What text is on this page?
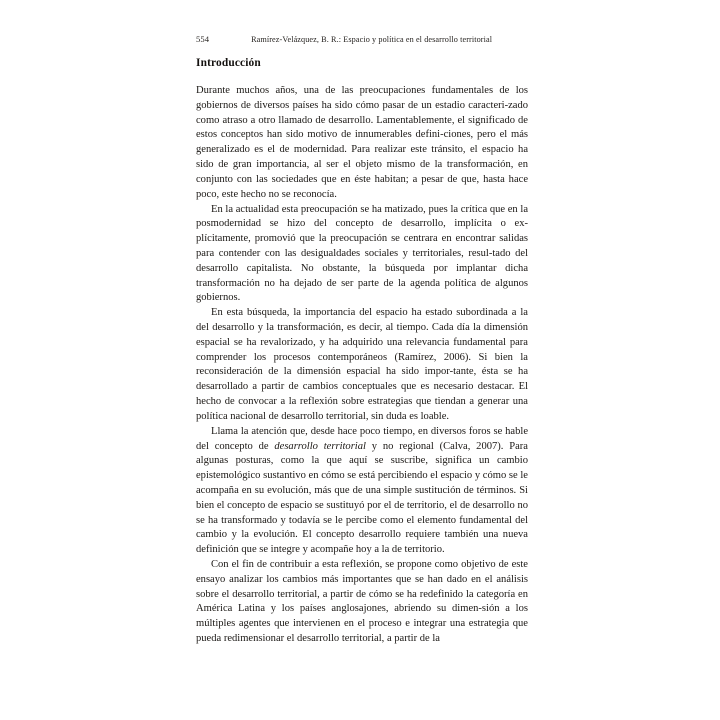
554	Ramírez-Velázquez, B. R.: Espacio y política en el desarrollo territorial
Introducción

Durante muchos años, una de las preocupaciones fundamentales de los gobiernos de diversos países ha sido cómo pasar de un estadio caracteri-zado como atraso a otro llamado de desarrollo. Lamentablemente, el significado de estos conceptos han sido motivo de innumerables defini-ciones, pero el más generalizado es el de modernidad. Para realizar este tránsito, el espacio ha sido de gran importancia, al ser el objeto mismo de la transformación, en conjunto con las sociedades que en éste habitan; a pesar de que, hasta hace poco, este hecho no se reconocía.

En la actualidad esta preocupación se ha matizado, pues la crítica que en la posmodernidad se hizo del concepto de desarrollo, implícita o ex-plícitamente, promovió que la preocupación se centrara en encontrar salidas para contender con las desigualdades sociales y territoriales, resul-tado del desarrollo capitalista. No obstante, la búsqueda por implantar dicha transformación no ha dejado de ser parte de la agenda política de algunos gobiernos.

En esta búsqueda, la importancia del espacio ha estado subordinada a la del desarrollo y la transformación, es decir, al tiempo. Cada día la dimensión espacial se ha revalorizado, y ha adquirido una relevancia fundamental para comprender los procesos contemporáneos (Ramírez, 2006). Si bien la reconsideración de la dimensión espacial ha sido impor-tante, ésta se ha desarrollado a partir de cambios conceptuales que es necesario destacar. El hecho de convocar a la reflexión sobre estrategias que tiendan a generar una política nacional de desarrollo territorial, sin duda es loable.

Llama la atención que, desde hace poco tiempo, en diversos foros se hable del concepto de desarrollo territorial y no regional (Calva, 2007). Para algunas posturas, como la que aquí se suscribe, significa un cambio epistemológico sustantivo en cómo se está percibiendo el espacio y cómo se le acompaña en su evolución, más que de una simple sustitución de términos. Si bien el concepto de espacio se sustituyó por el de territorio, el de desarrollo no se ha transformado y todavía se le percibe como el elemento fundamental del cambio y la evolución. El concepto desarrollo requiere también una nueva definición que se integre y acompañe hoy a la de territorio.

Con el fin de contribuir a esta reflexión, se propone como objetivo de este ensayo analizar los cambios más importantes que se han dado en el análisis sobre el desarrollo territorial, a partir de cómo se ha redefinido la categoría en América Latina y los países anglosajones, abriendo su dimen-sión a los múltiples agentes que intervienen en el proceso e integrar una estrategia que pueda redimensionar el desarrollo territorial, a partir de la
